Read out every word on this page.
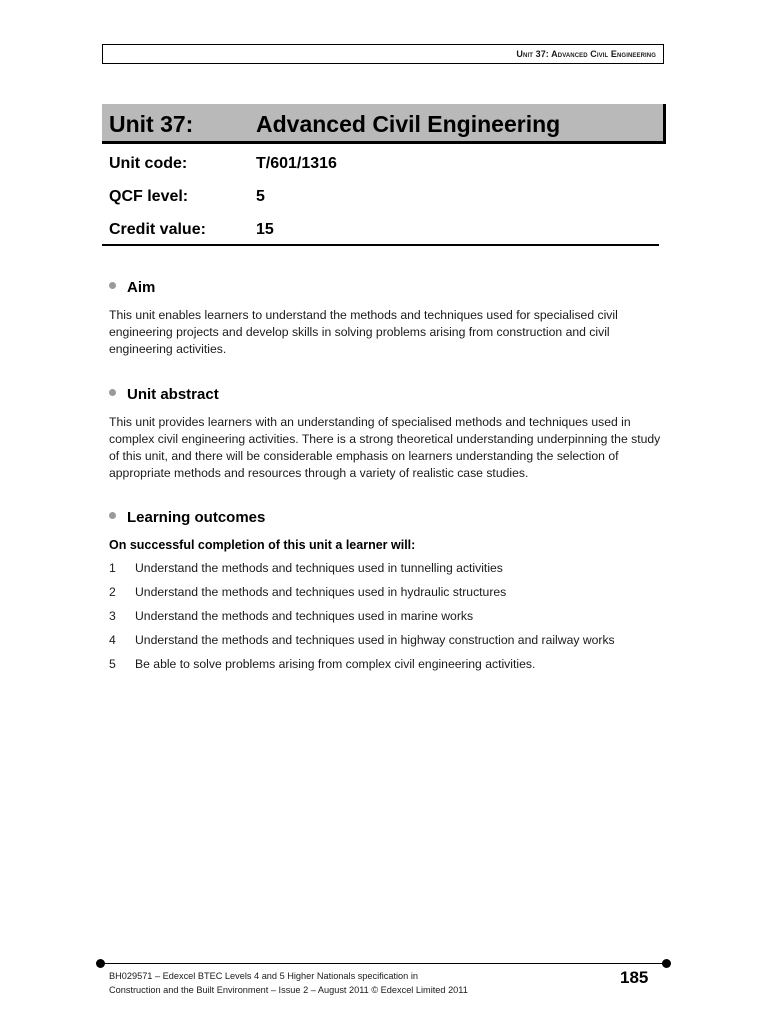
Unit 37: Advanced Civil Engineering
Unit 37:	Advanced Civil Engineering
Unit code:	T/601/1316
QCF level:	5
Credit value:	15
Aim

This unit enables learners to understand the methods and techniques used for specialised civil engineering projects and develop skills in solving problems arising from construction and civil engineering activities.

Unit abstract

This unit provides learners with an understanding of specialised methods and techniques used in complex civil engineering activities. There is a strong theoretical understanding underpinning the study of this unit, and there will be considerable emphasis on learners understanding the selection of appropriate methods and resources through a variety of realistic case studies.

Learning outcomes
On successful completion of this unit a learner will:
1 Understand the methods and techniques used in tunnelling activities
2 Understand the methods and techniques used in hydraulic structures
3 Understand the methods and techniques used in marine works
4 Understand the methods and techniques used in highway construction and railway works
5 Be able to solve problems arising from complex civil engineering activities.
BH029571 – Edexcel BTEC Levels 4 and 5 Higher Nationals specification in
Construction and the Built Environment – Issue 2 – August 2011 © Edexcel Limited 2011
185
